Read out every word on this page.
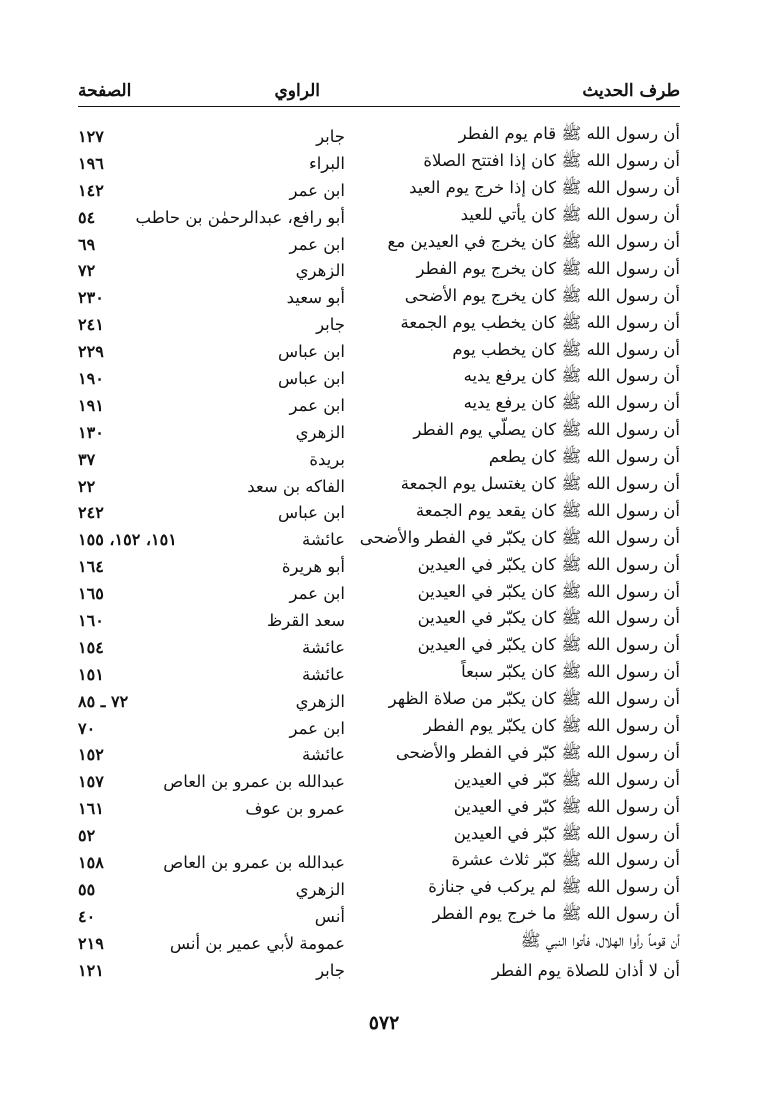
طرف الحديث
الراوي
الصفحة
أن رسول الله ﷺ قام يوم الفطر
جابر
١٢٧
أن رسول الله ﷺ كان إذا افتتح الصلاة
البراء
١٩٦
أن رسول الله ﷺ كان إذا خرج يوم العيد
ابن عمر
١٤٢
أن رسول الله ﷺ كان يأتي للعيد
أبو رافع، عبدالرحمٰن بن حاطب
٥٤
أن رسول الله ﷺ كان يخرج في العيدين مع
ابن عمر
٦٩
أن رسول الله ﷺ كان يخرج يوم الفطر
الزهري
٧٢
أن رسول الله ﷺ كان يخرج يوم الأضحى
أبو سعيد
٢٣٠
أن رسول الله ﷺ كان يخطب يوم الجمعة
جابر
٢٤١
أن رسول الله ﷺ كان يخطب يوم
ابن عباس
٢٢٩
أن رسول الله ﷺ كان يرفع يديه
ابن عباس
١٩٠
أن رسول الله ﷺ كان يرفع يديه
ابن عمر
١٩١
أن رسول الله ﷺ كان يصلّي يوم الفطر
الزهري
١٣٠
أن رسول الله ﷺ كان يطعم
بريدة
٣٧
أن رسول الله ﷺ كان يغتسل يوم الجمعة
الفاكه بن سعد
٢٢
أن رسول الله ﷺ كان يقعد يوم الجمعة
ابن عباس
٢٤٢
أن رسول الله ﷺ كان يكبّر في الفطر والأضحى
عائشة
١٥١، ١٥٢، ١٥٥
أن رسول الله ﷺ كان يكبّر في العيدين
أبو هريرة
١٦٤
أن رسول الله ﷺ كان يكبّر في العيدين
ابن عمر
١٦٥
أن رسول الله ﷺ كان يكبّر في العيدين
سعد القرظ
١٦٠
أن رسول الله ﷺ كان يكبّر في العيدين
عائشة
١٥٤
أن رسول الله ﷺ كان يكبّر سبعاً
عائشة
١٥١
أن رسول الله ﷺ كان يكبّر من صلاة الظهر
الزهري
٧٢ ـ ٨٥
أن رسول الله ﷺ كان يكبّر يوم الفطر
ابن عمر
٧٠
أن رسول الله ﷺ كبّر في الفطر والأضحى
عائشة
١٥٢
أن رسول الله ﷺ كبّر في العيدين
عبدالله بن عمرو بن العاص
١٥٧
أن رسول الله ﷺ كبّر في العيدين
عمرو بن عوف
١٦١
أن رسول الله ﷺ كبّر في العيدين
٥٢
أن رسول الله ﷺ كبّر ثلاث عشرة
عبدالله بن عمرو بن العاص
١٥٨
أن رسول الله ﷺ لم يركب في جنازة
الزهري
٥٥
أن رسول الله ﷺ ما خرج يوم الفطر
أنس
٤٠
أن قوماً رأوا الهلال، فأتوا النبي ﷺ
عمومة لأبي عمير بن أنس
٢١٩
أن لا أذان للصلاة يوم الفطر
جابر
١٢١
٥٧٢
